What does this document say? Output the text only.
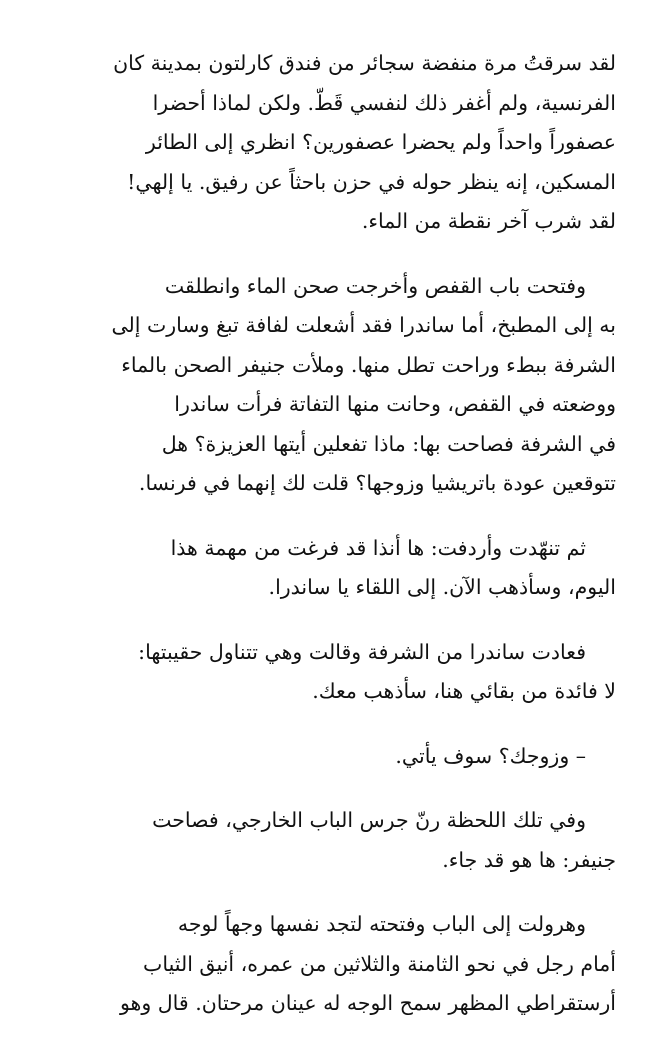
لقد سرقتُ مرة منفضة سجائر من فندق كارلتون بمدينة كان
الفرنسية، ولم أغفر ذلك لنفسي قَطّ. ولكن لماذا أحضرا
عصفوراً واحداً ولم يحضرا عصفورين؟ انظري إلى الطائر
المسكين، إنه ينظر حوله في حزن باحثاً عن رفيق. يا إلهي!
لقد شرب آخر نقطة من الماء.

وفتحت باب القفص وأخرجت صحن الماء وانطلقت
به إلى المطبخ، أما ساندرا فقد أشعلت لفافة تبغ وسارت إلى
الشرفة ببطء وراحت تطل منها. وملأت جنيفر الصحن بالماء
ووضعته في القفص، وحانت منها التفاتة فرأت ساندرا
في الشرفة فصاحت بها: ماذا تفعلين أيتها العزيزة؟ هل
تتوقعين عودة باتريشيا وزوجها؟ قلت لك إنهما في فرنسا.

ثم تنهّدت وأردفت: ها أنذا قد فرغت من مهمة هذا
اليوم، وسأذهب الآن. إلى اللقاء يا ساندرا.

فعادت ساندرا من الشرفة وقالت وهي تتناول حقيبتها:
لا فائدة من بقائي هنا، سأذهب معك.

– وزوجك؟ سوف يأتي.

وفي تلك اللحظة رنّ جرس الباب الخارجي، فصاحت
جنيفر: ها هو قد جاء.

وهرولت إلى الباب وفتحته لتجد نفسها وجهاً لوجه
أمام رجل في نحو الثامنة والثلاثين من عمره، أنيق الثياب
أرستقراطي المظهر سمح الوجه له عينان مرحتان. قال وهو
